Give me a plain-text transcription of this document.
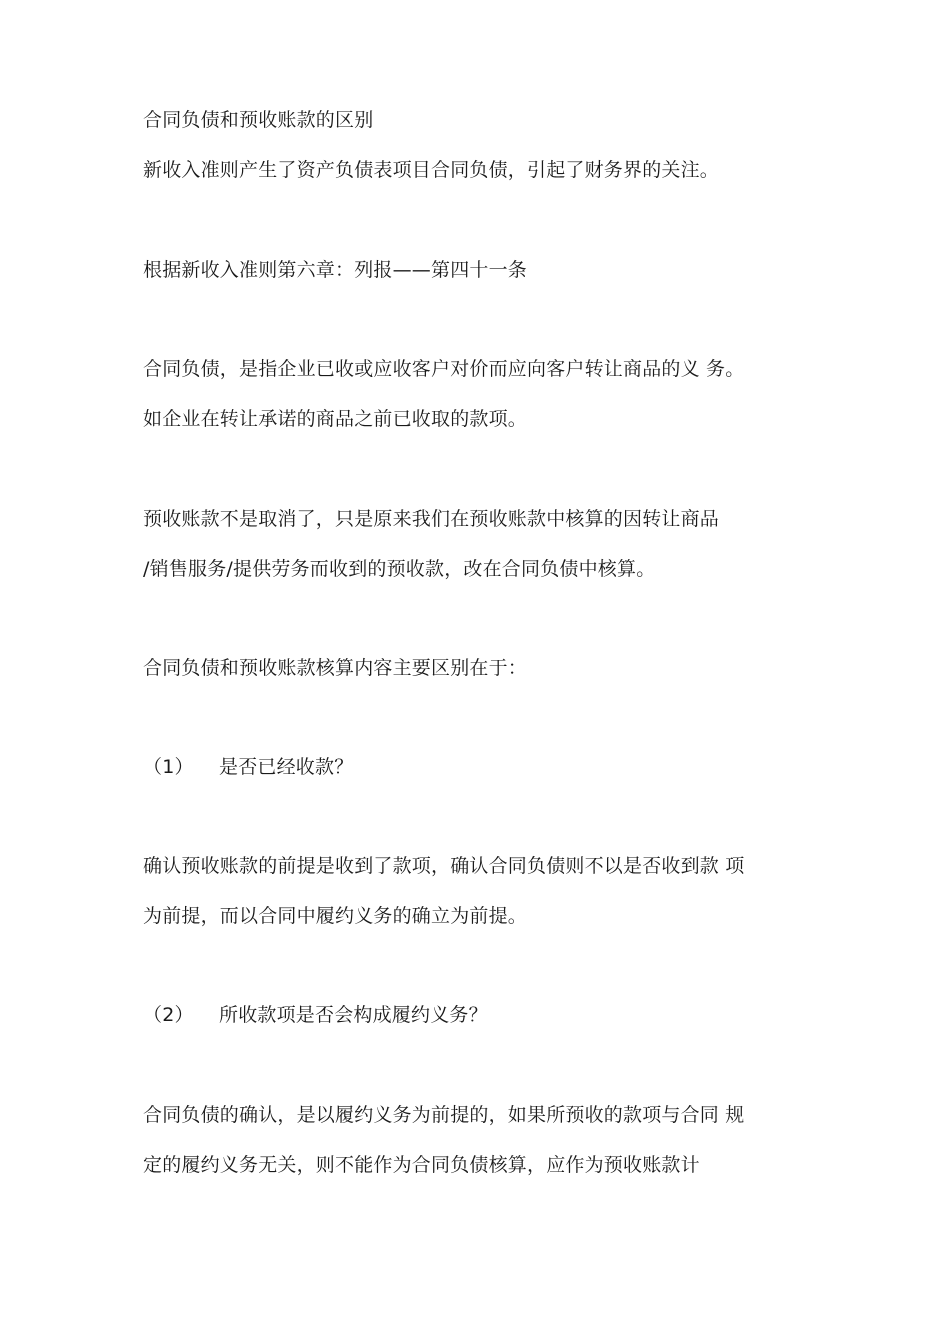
合同负债和预收账款的区别
新收入准则产生了资产负债表项目合同负债，引起了财务界的关注。
根据新收入准则第六章：列报——第四十一条
合同负债，是指企业已收或应收客户对价而应向客户转让商品的义 务。
如企业在转让承诺的商品之前已收取的款项。
预收账款不是取消了，只是原来我们在预收账款中核算的因转让商品
/销售服务/提供劳务而收到的预收款，改在合同负债中核算。
合同负债和预收账款核算内容主要区别在于：
（1） 是否已经收款？
确认预收账款的前提是收到了款项，确认合同负债则不以是否收到款 项
为前提，而以合同中履约义务的确立为前提。
（2） 所收款项是否会构成履约义务？
合同负债的确认，是以履约义务为前提的，如果所预收的款项与合同 规
定的履约义务无关，则不能作为合同负债核算，应作为预收账款计
